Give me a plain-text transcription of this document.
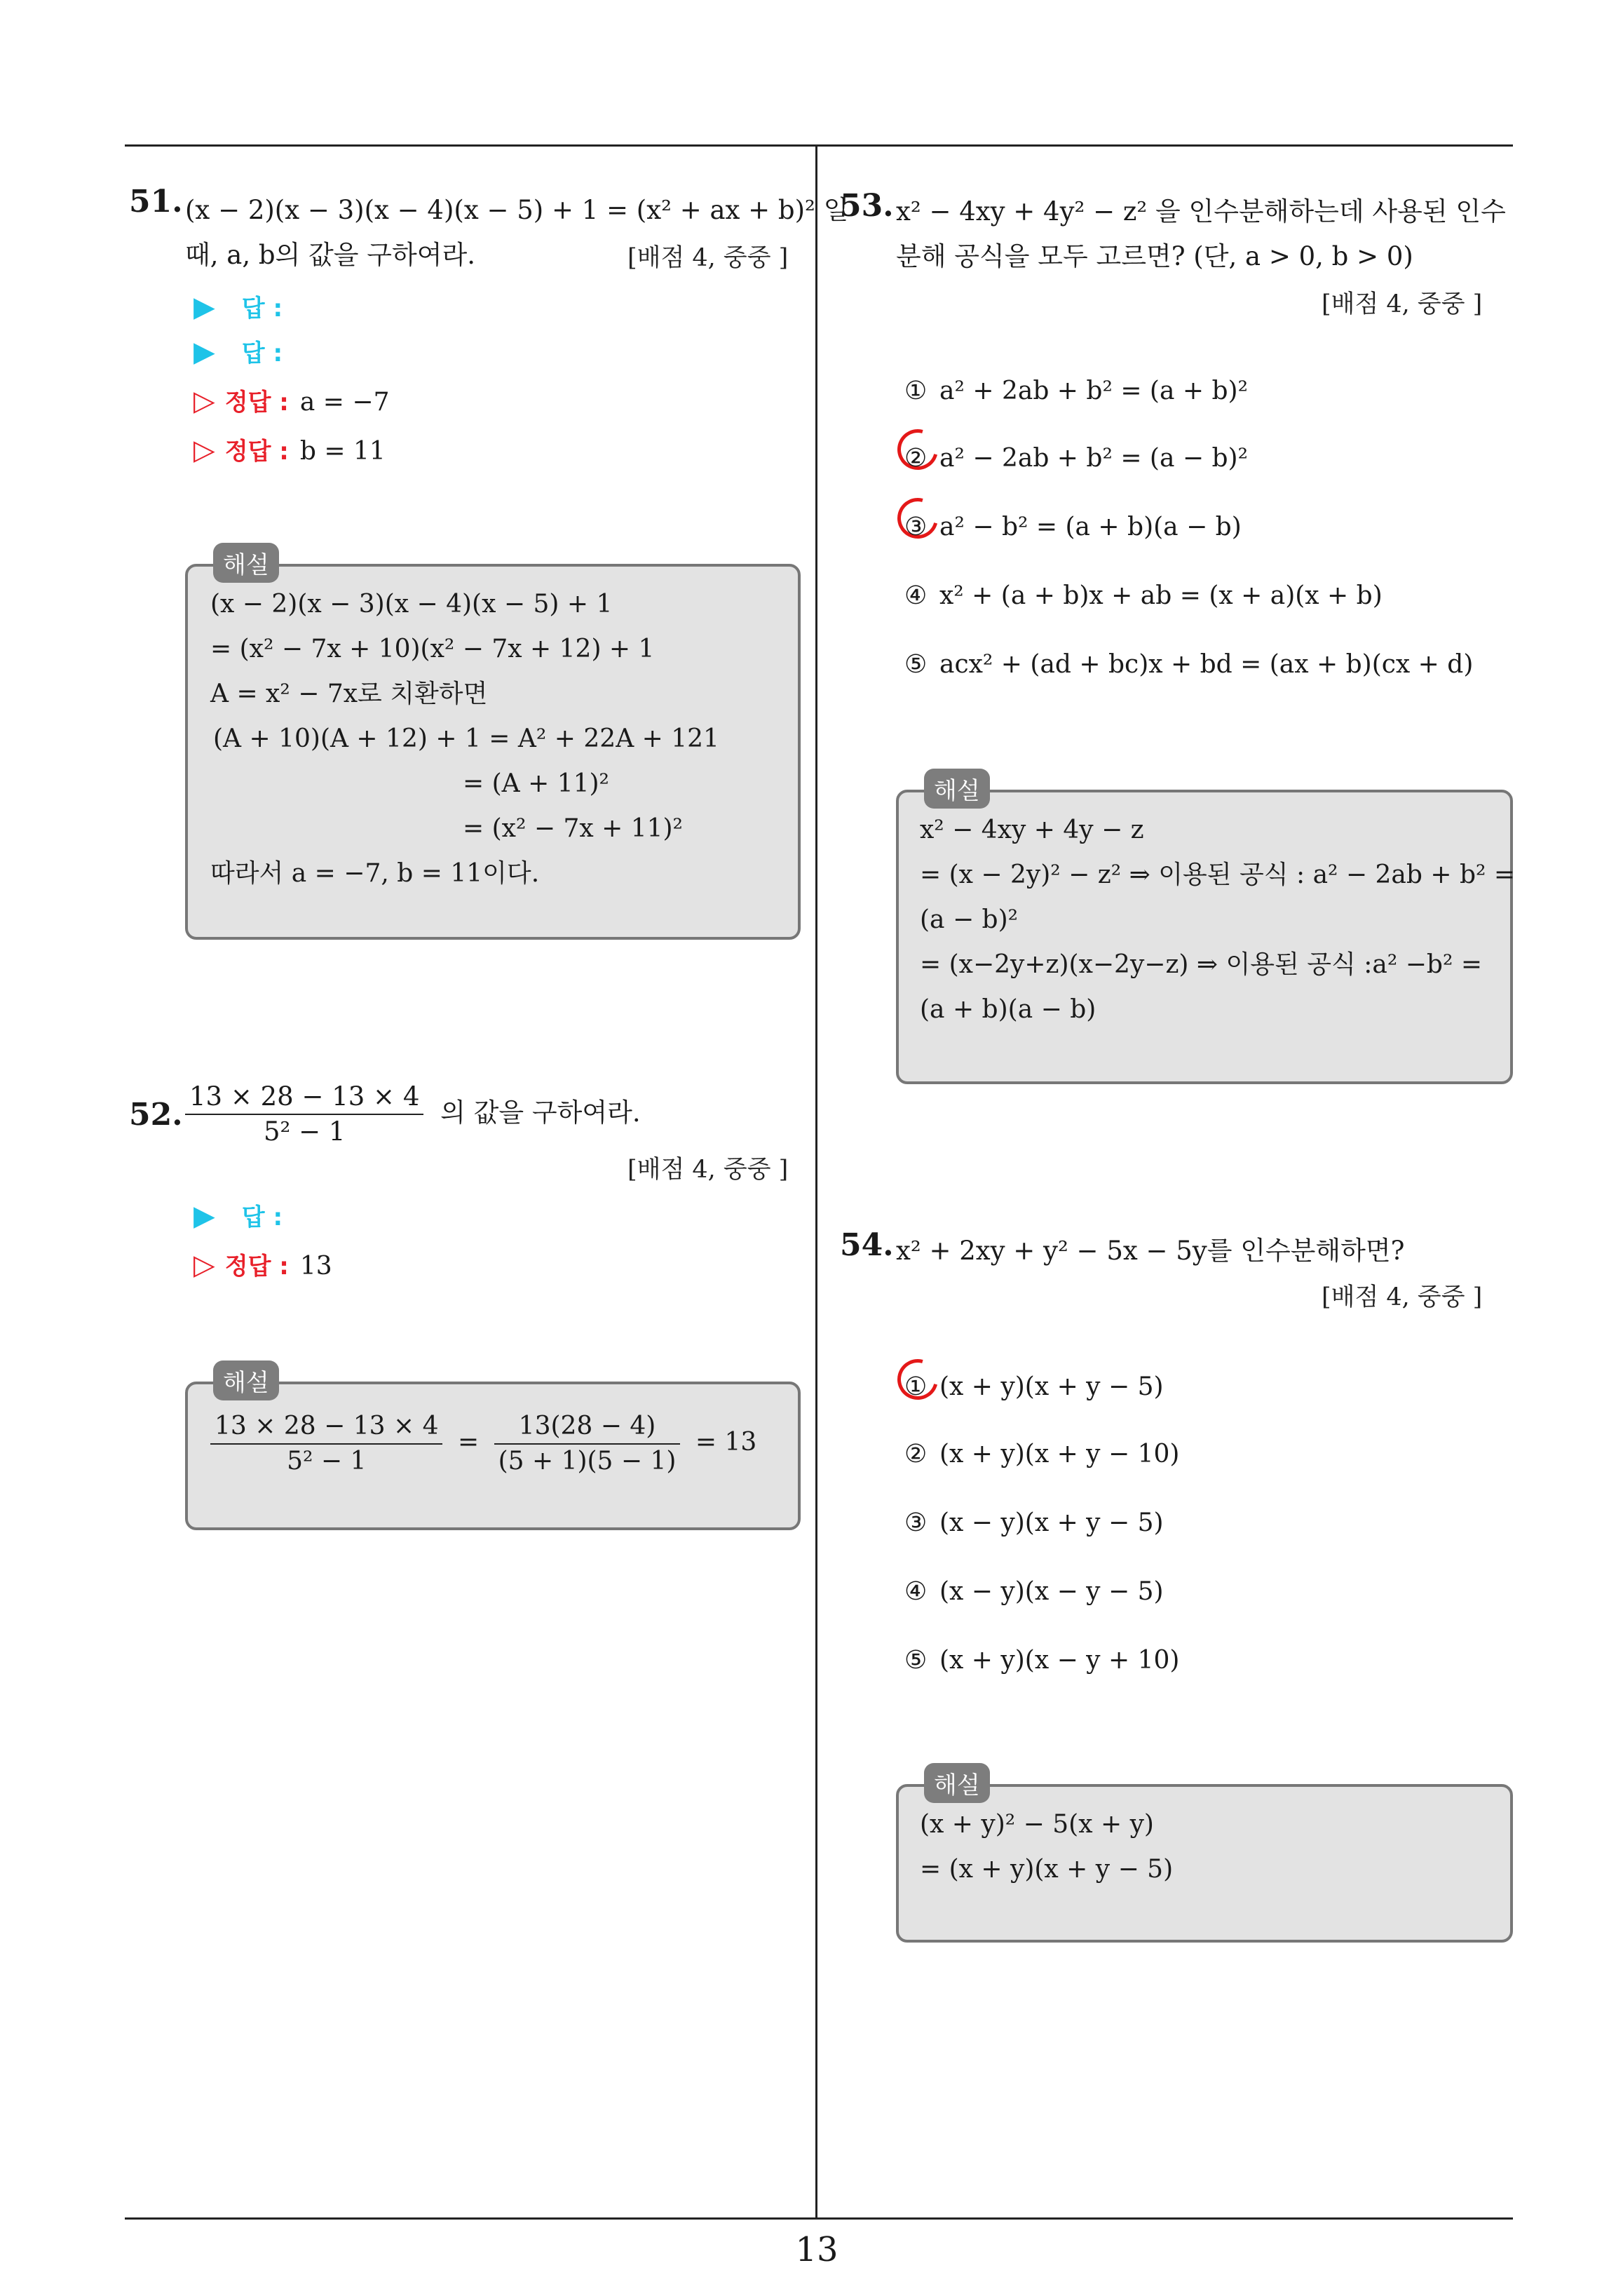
51. (x − 2)(x − 3)(x − 4)(x − 5) + 1 = (x² + ax + b)² 일
때, a, b의 값을 구하여라.	[배점 4, 중중 ]
▶ 답 :
▶ 답 :
▷ 정답 : a = −7
▷ 정답 : b = 11
해설
(x − 2)(x − 3)(x − 4)(x − 5) + 1
= (x² − 7x + 10)(x² − 7x + 12) + 1
A = x² − 7x로 치환하면
(A + 10)(A + 12) + 1 = A² + 22A + 121
= (A + 11)²
= (x² − 7x + 11)²
따라서 a = −7, b = 11이다.
52. $\frac{13 \times 28 - 13 \times 4}{\text{5² − 1}}$ 의 값을 구하여라.
[배점 4, 중중 ]
▶ 답 :
▷ 정답 : 13
해설
$\frac{13 \times 28 - 13 \times 4}{\text{5² − 1}} = \frac{13(28 - 4)}{(5 + 1)(5 - 1)} = 13$
53. x² − 4xy + 4y² − z² 을 인수분해하는데 사용된 인수
분해 공식을 모두 고르면? (단, a > 0, b > 0)
[배점 4, 중중 ]
① a² + 2ab + b² = (a + b)²
② a² − 2ab + b² = (a − b)²
③ a² − b² = (a + b)(a − b)
④ x² + (a + b)x + ab = (x + a)(x + b)
⑤ acx² + (ad + bc)x + bd = (ax + b)(cx + d)
해설
x² − 4xy + 4y − z
= (x − 2y)² − z² ⇒ 이용된 공식 : a² − 2ab + b² =
(a − b)²
= (x−2y+z)(x−2y−z) ⇒ 이용된 공식 :a² −b² =
(a + b)(a − b)
54. x² + 2xy + y² − 5x − 5y를 인수분해하면?
[배점 4, 중중 ]
① (x + y)(x + y − 5)
② (x + y)(x + y − 10)
③ (x − y)(x + y − 5)
④ (x − y)(x − y − 5)
⑤ (x + y)(x − y + 10)
해설
(x + y)² − 5(x + y)
= (x + y)(x + y − 5)
13
